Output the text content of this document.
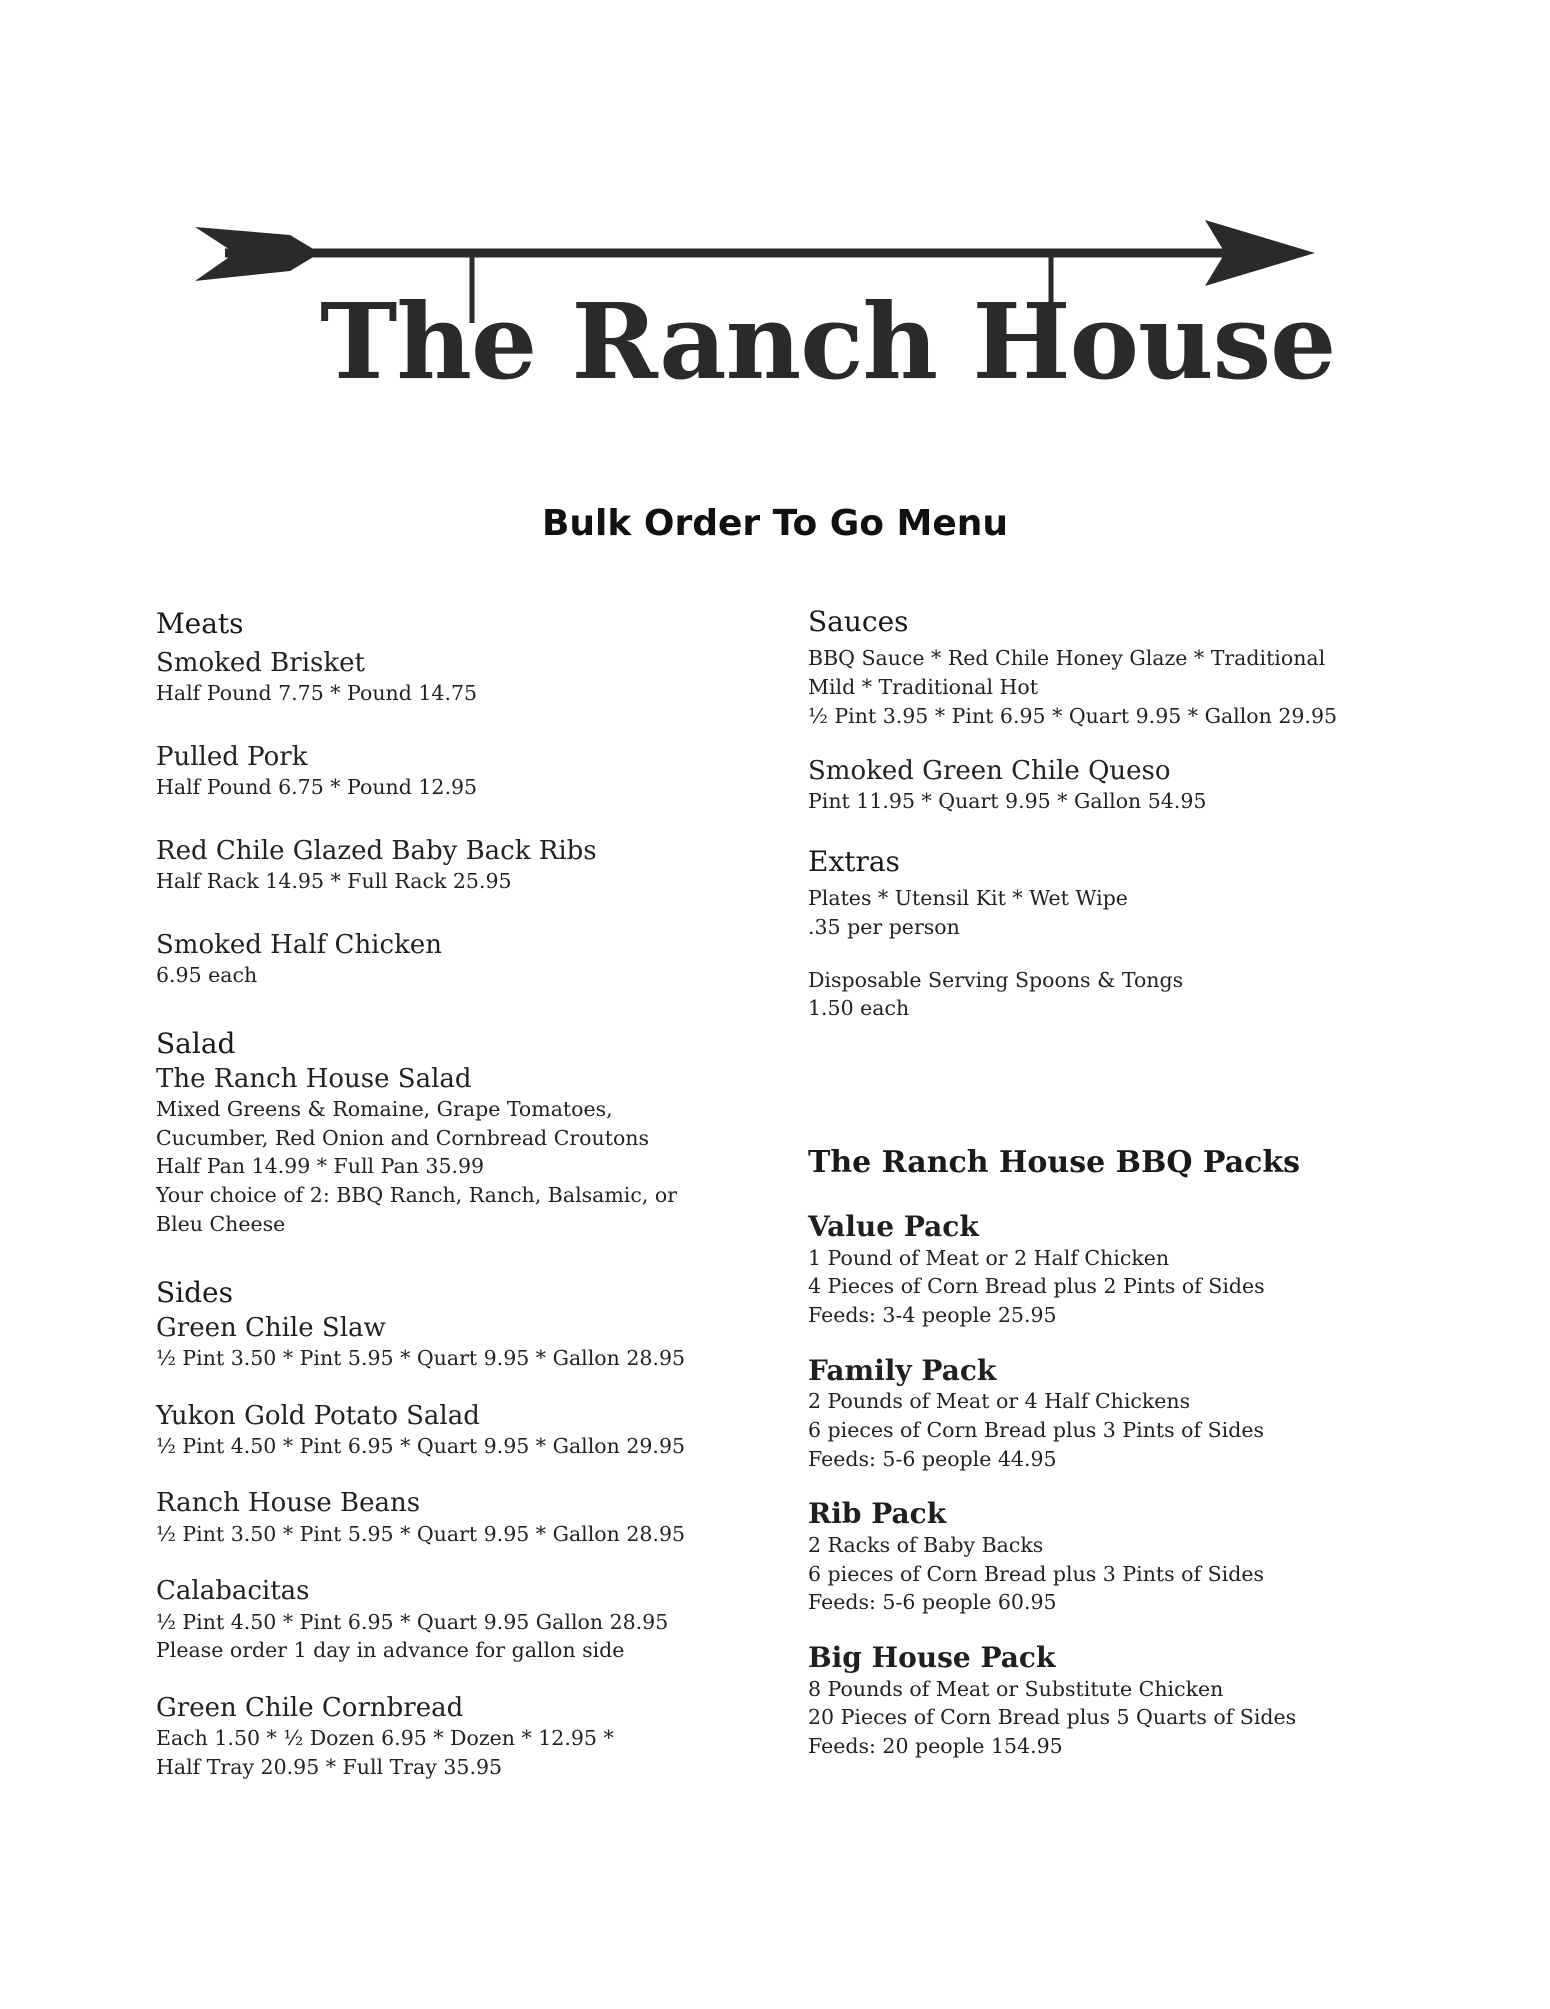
The Ranch House
Bulk Order To Go Menu

Meats

Smoked Brisket

Half Pound 7.75 * Pound 14.75

Pulled Pork

Half Pound 6.75 * Pound 12.95

Red Chile Glazed Baby Back Ribs

Half Rack 14.95 * Full Rack 25.95

Smoked Half Chicken

6.95 each

Salad

The Ranch House Salad

Mixed Greens & Romaine, Grape Tomatoes,

Cucumber, Red Onion and Cornbread Croutons

Half Pan 14.99 * Full Pan 35.99

Your choice of 2: BBQ Ranch, Ranch, Balsamic, or

Bleu Cheese

Sides

Green Chile Slaw

½ Pint 3.50 * Pint 5.95 * Quart 9.95 * Gallon 28.95

Yukon Gold Potato Salad

½ Pint 4.50 * Pint 6.95 * Quart 9.95 * Gallon 29.95

Ranch House Beans

½ Pint 3.50 * Pint 5.95 * Quart 9.95 * Gallon 28.95

Calabacitas

½ Pint 4.50 * Pint 6.95 * Quart 9.95 Gallon 28.95

Please order 1 day in advance for gallon side

Green Chile Cornbread

Each 1.50 * ½ Dozen 6.95 * Dozen * 12.95 *

Half Tray 20.95 * Full Tray 35.95

Sauces

BBQ Sauce * Red Chile Honey Glaze * Traditional

Mild * Traditional Hot

½ Pint 3.95 * Pint 6.95 * Quart 9.95 * Gallon 29.95

Smoked Green Chile Queso

Pint 11.95 * Quart 9.95 * Gallon 54.95

Extras

Plates * Utensil Kit * Wet Wipe

.35 per person

Disposable Serving Spoons & Tongs

1.50 each

The Ranch House BBQ Packs

Value Pack

1 Pound of Meat or 2 Half Chicken

4 Pieces of Corn Bread plus 2 Pints of Sides

Feeds: 3-4 people 25.95

Family Pack

2 Pounds of Meat or 4 Half Chickens

6 pieces of Corn Bread plus 3 Pints of Sides

Feeds: 5-6 people 44.95

Rib Pack

2 Racks of Baby Backs

6 pieces of Corn Bread plus 3 Pints of Sides

Feeds: 5-6 people 60.95

Big House Pack

8 Pounds of Meat or Substitute Chicken

20 Pieces of Corn Bread plus 5 Quarts of Sides

Feeds: 20 people 154.95
